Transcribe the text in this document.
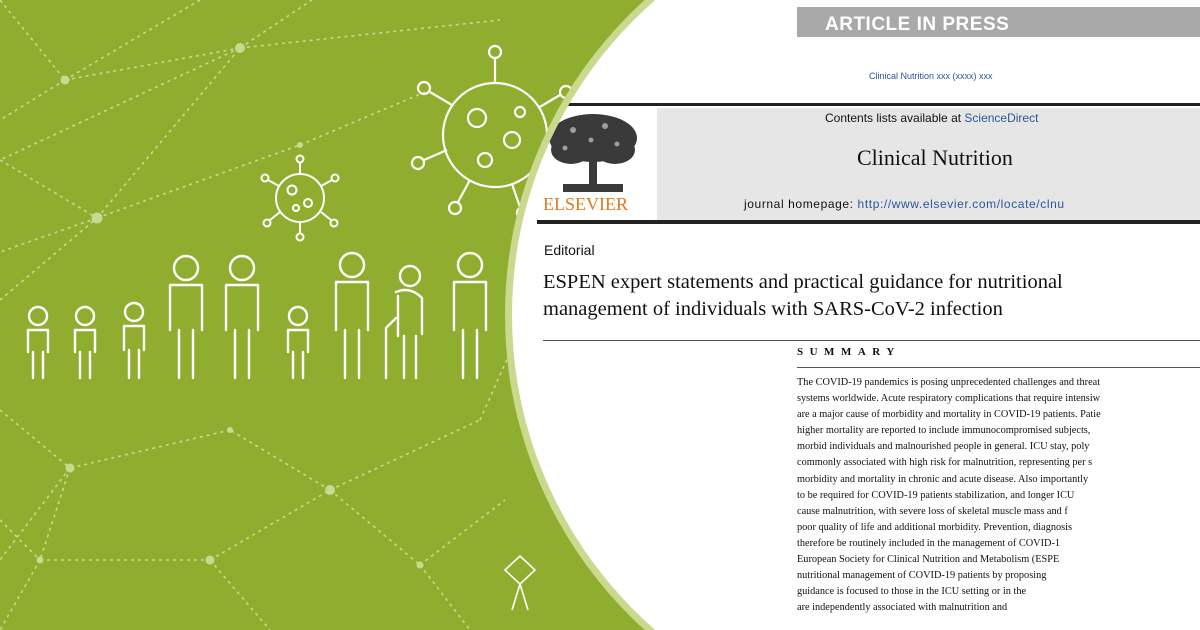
ARTICLE IN PRESS
Clinical Nutrition xxx (xxxx) xxx
ELSEVIER
Contents lists available at ScienceDirect
Clinical Nutrition
journal homepage: http://www.elsevier.com/locate/clnu
Editorial
ESPEN expert statements and practical guidance for nutritional
management of individuals with SARS-CoV-2 infection
SUMMARY
The COVID-19 pandemics is posing unprecedented challenges and threat
systems worldwide. Acute respiratory complications that require intensiw
are a major cause of morbidity and mortality in COVID-19 patients. Patie
higher mortality are reported to include immunocompromised subjects,
morbid individuals and malnourished people in general. ICU stay, poly
commonly associated with high risk for malnutrition, representing per s
morbidity and mortality in chronic and acute disease. Also importantly
to be required for COVID-19 patients stabilization, and longer ICU
cause malnutrition, with severe loss of skeletal muscle mass and f
poor quality of life and additional morbidity. Prevention, diagnosis
therefore be routinely included in the management of COVID-1
European Society for Clinical Nutrition and Metabolism (ESPE
nutritional management of COVID-19 patients by proposing
guidance is focused to those in the ICU setting or in the
are independently associated with malnutrition and
